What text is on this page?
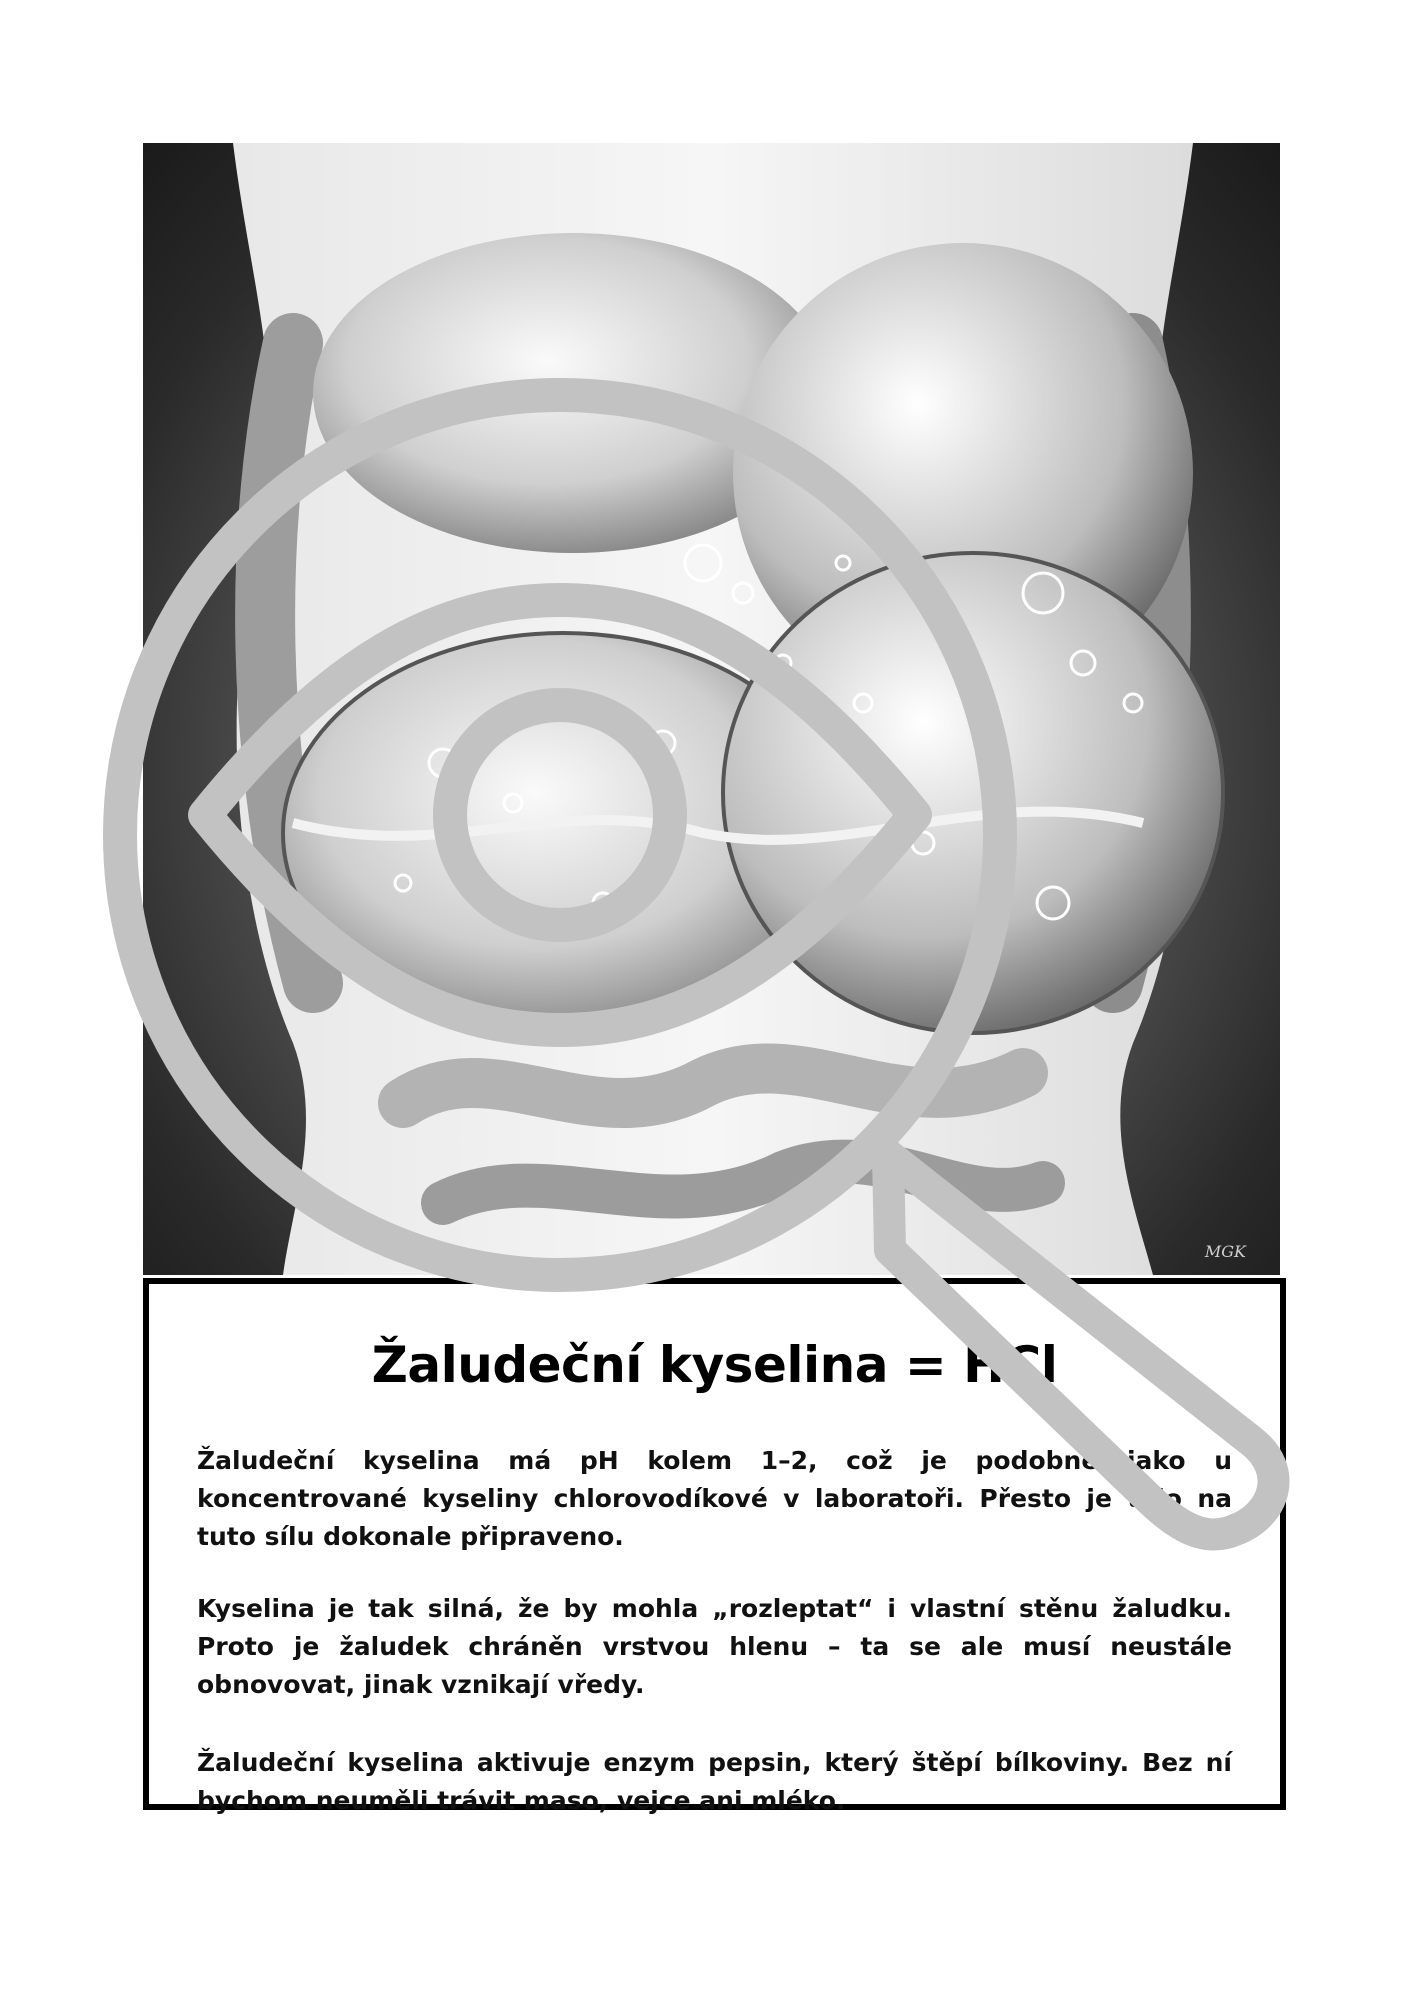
MGK
Žaludeční kyselina = HCl

Žaludeční kyselina má pH kolem 1–2, což je podobné jako u koncentrované kyseliny chlorovodíkové v laboratoři. Přesto je tělo na tuto sílu dokonale připraveno.

Kyselina je tak silná, že by mohla „rozleptat“ i vlastní stěnu žaludku. Proto je žaludek chráněn vrstvou hlenu – ta se ale musí neustále obnovovat, jinak vznikají vředy.

Žaludeční kyselina aktivuje enzym pepsin, který štěpí bílkoviny. Bez ní bychom neuměli trávit maso, vejce ani mléko.
